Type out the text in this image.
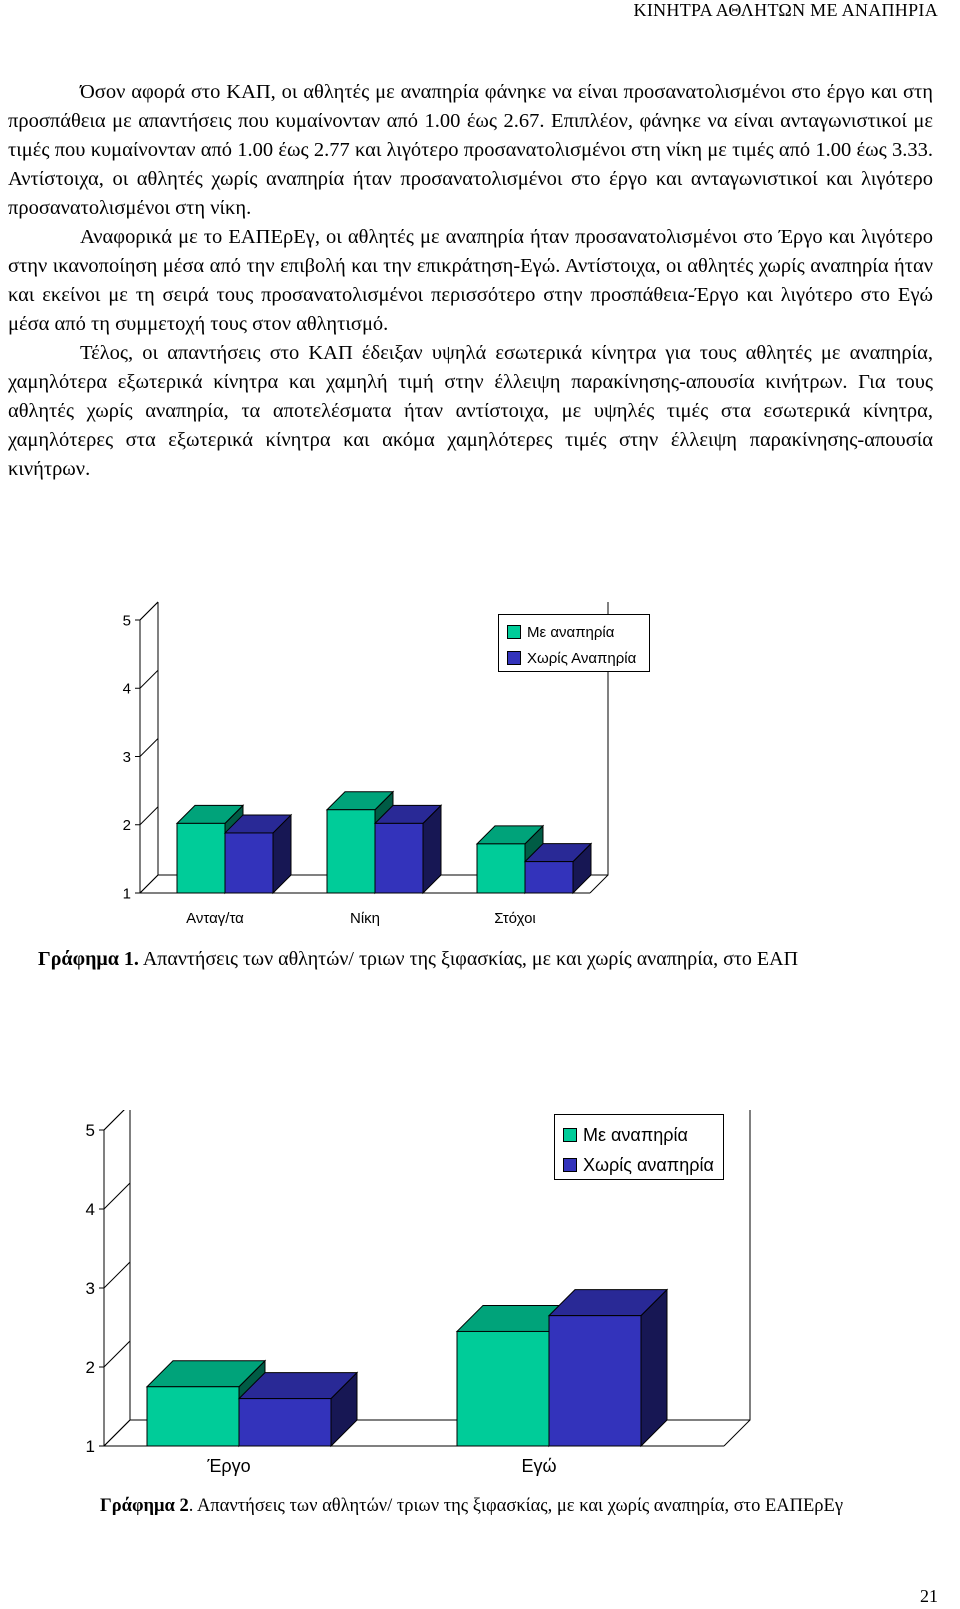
ΚΙΝΗΤΡΑ ΑΘΛΗΤΩΝ ΜΕ ΑΝΑΠΗΡΙΑ

Όσον αφορά στο ΚΑΠ, οι αθλητές με αναπηρία φάνηκε να είναι προσανατολισμένοι στο έργο και στη προσπάθεια με απαντήσεις που κυμαίνονταν από 1.00 έως 2.67. Επιπλέον, φάνηκε να είναι ανταγωνιστικοί με τιμές που κυμαίνονταν από 1.00 έως 2.77 και λιγότερο προσανατολισμένοι στη νίκη με τιμές από 1.00 έως 3.33. Αντίστοιχα, οι αθλητές χωρίς αναπηρία ήταν προσανατολισμένοι στο έργο και ανταγωνιστικοί και λιγότερο προσανατολισμένοι στη νίκη.

Αναφορικά με το ΕΑΠΕρΕγ, οι αθλητές με αναπηρία ήταν προσανατολισμένοι στο Έργο και λιγότερο στην ικανοποίηση μέσα από την επιβολή και την επικράτηση-Εγώ. Αντίστοιχα, οι αθλητές χωρίς αναπηρία ήταν και εκείνοι με τη σειρά τους προσανατολισμένοι περισσότερο στην προσπάθεια-Έργο και λιγότερο στο Εγώ μέσα από τη συμμετοχή τους στον αθλητισμό.

Τέλος, οι απαντήσεις στο ΚΑΠ έδειξαν υψηλά εσωτερικά κίνητρα για τους αθλητές με αναπηρία, χαμηλότερα εξωτερικά κίνητρα και χαμηλή τιμή στην έλλειψη παρακίνησης-απουσία κινήτρων. Για τους αθλητές χωρίς αναπηρία, τα αποτελέσματα ήταν αντίστοιχα, με υψηλές τιμές στα εσωτερικά κίνητρα, χαμηλότερες στα εξωτερικά κίνητρα και ακόμα χαμηλότερες τιμές στην έλλειψη παρακίνησης-απουσία κινήτρων.

1
2
3
4
5
Ανταγ/τα	Νίκη	Στόχοι
Με αναπηρία
Χωρίς Αναπηρία
Γράφημα 1. Απαντήσεις των αθλητών/ τριων της ξιφασκίας, με και χωρίς αναπηρία, στο ΕΑΠ
1
2
3
4
5
Έργο	Εγώ
Με αναπηρία
Χωρίς αναπηρία
Γράφημα 2. Απαντήσεις των αθλητών/ τριων της ξιφασκίας, με και χωρίς αναπηρία, στο ΕΑΠΕρΕγ
21
